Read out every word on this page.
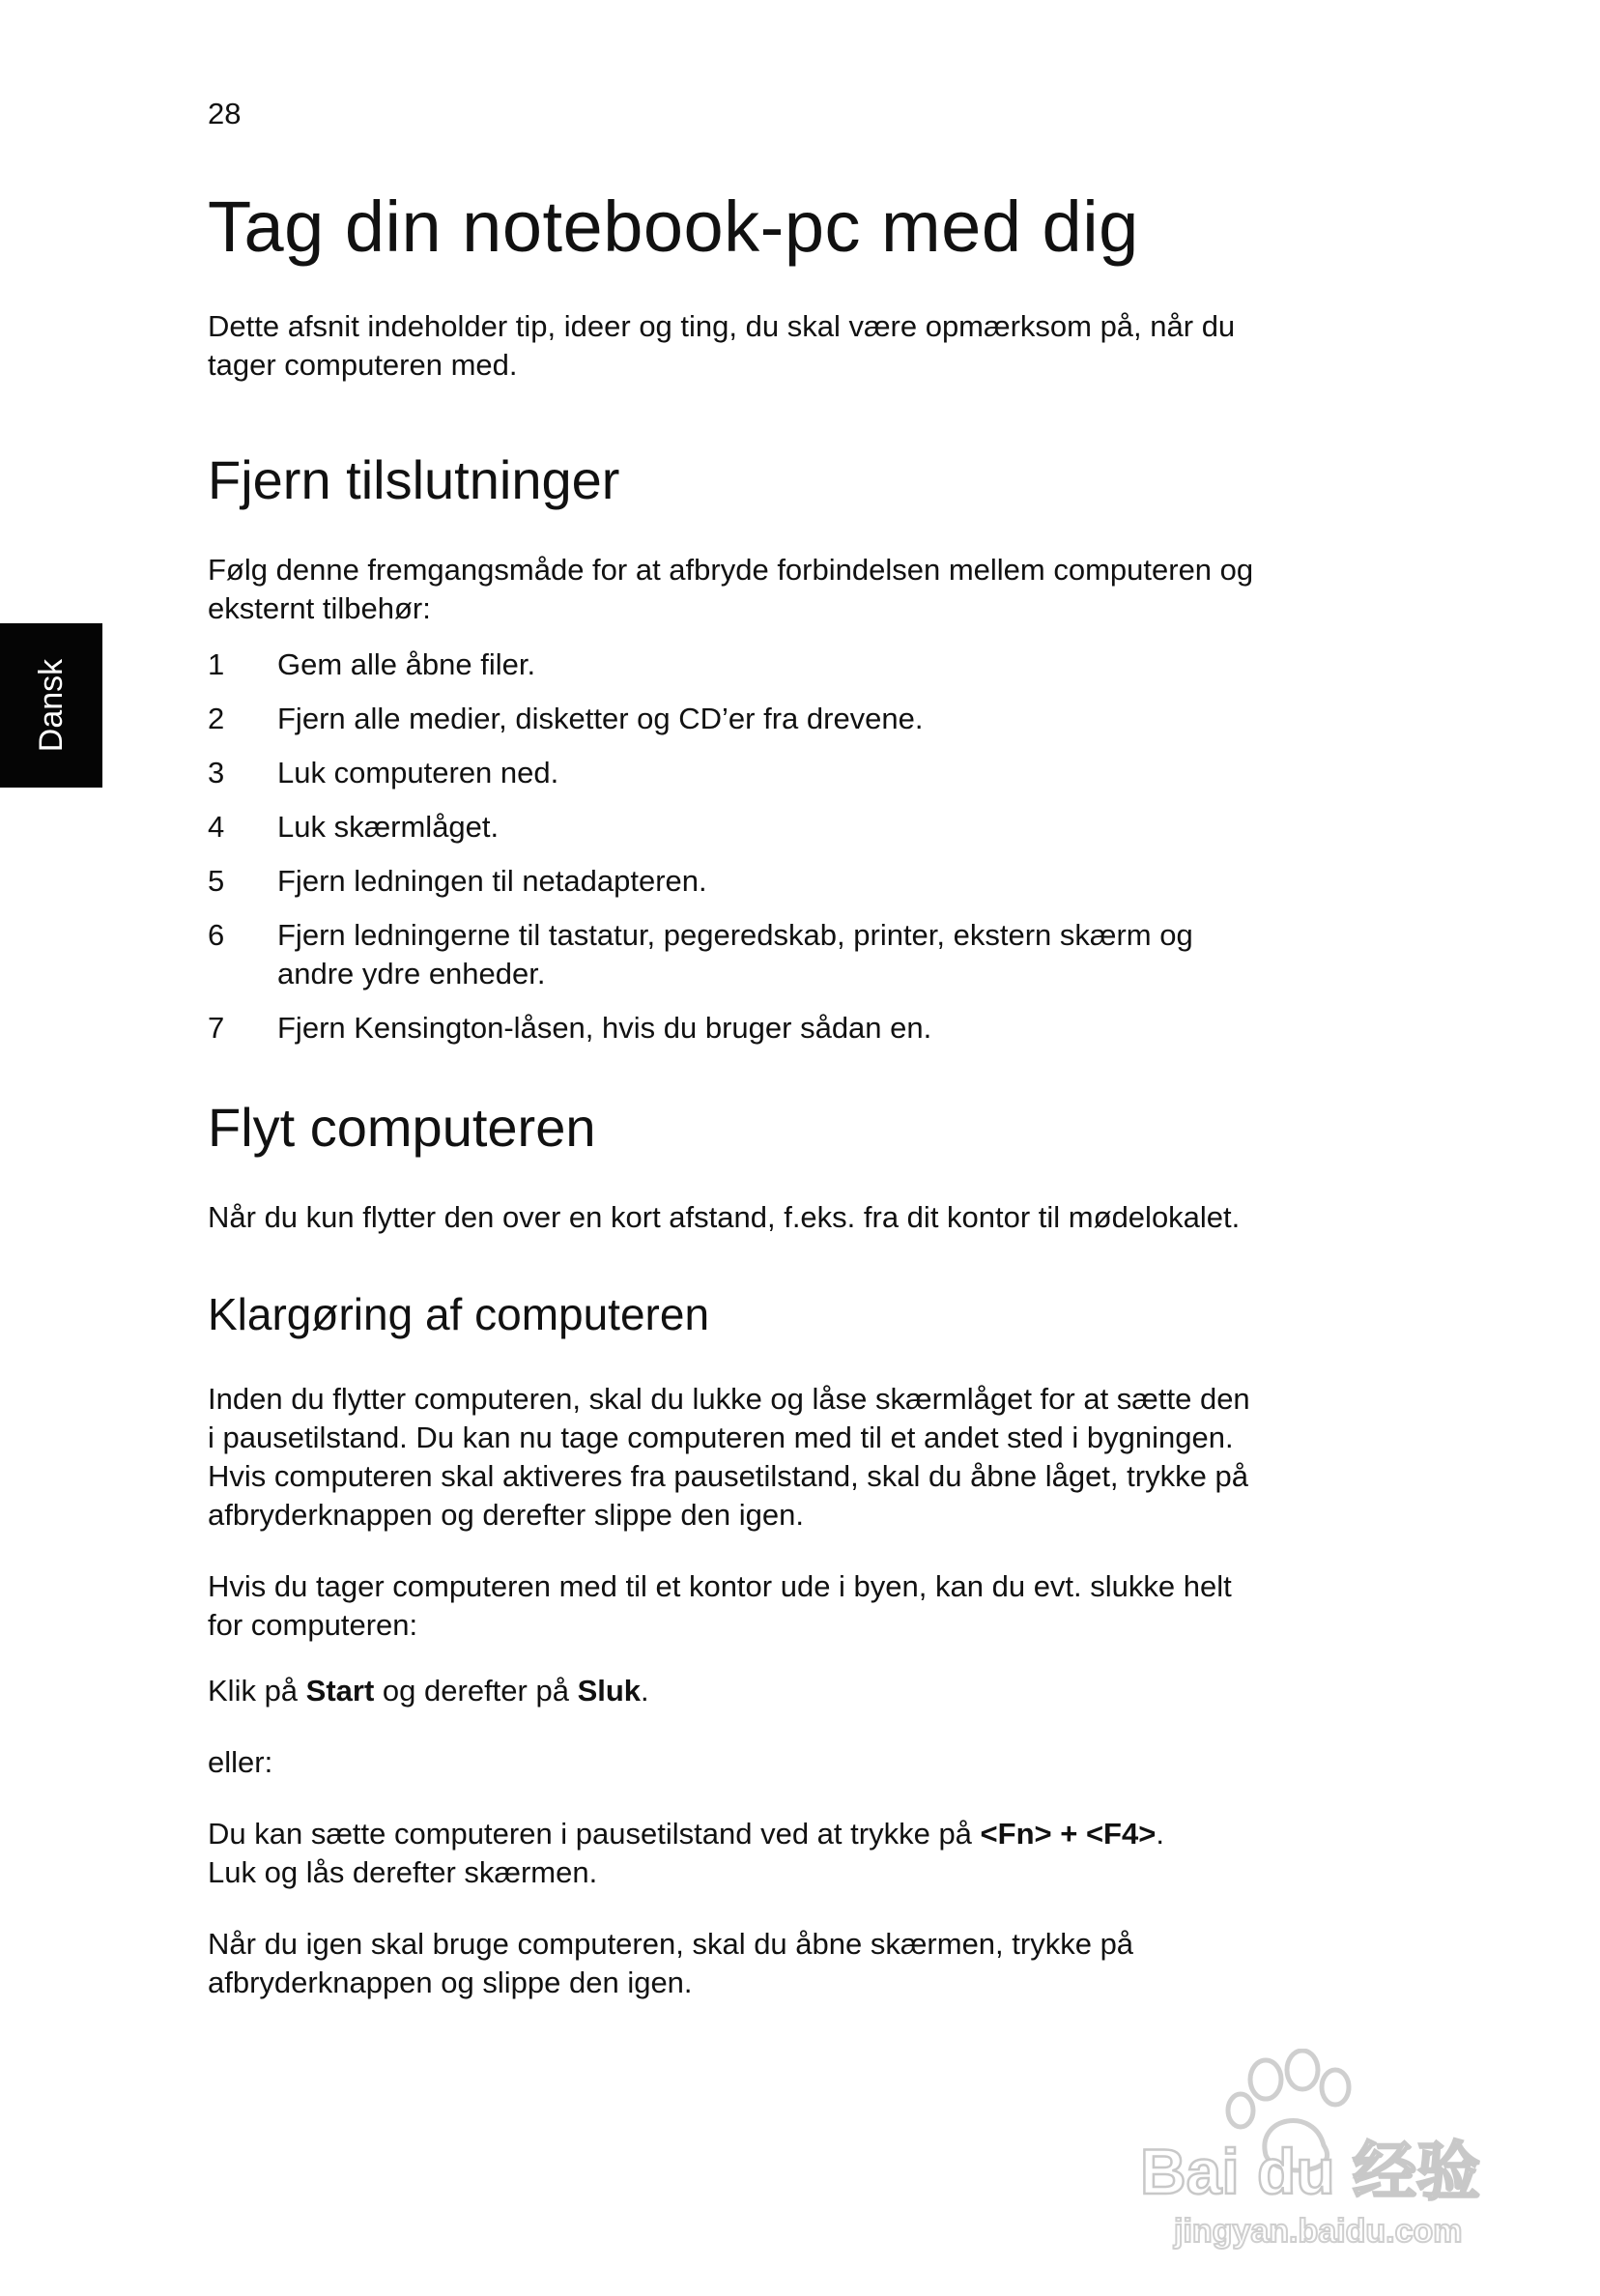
28
Dansk
Tag din notebook-pc med dig

Dette afsnit indeholder tip, ideer og ting, du skal være opmærksom på, når du
tager computeren med.

Fjern tilslutninger

Følg denne fremgangsmåde for at afbryde forbindelsen mellem computeren og
eksternt tilbehør:

1	Gem alle åbne filer.
2	Fjern alle medier, disketter og CD’er fra drevene.
3	Luk computeren ned.
4	Luk skærmlåget.
5	Fjern ledningen til netadapteren.
6	Fjern ledningerne til tastatur, pegeredskab, printer, ekstern skærm og
andre ydre enheder.
7	Fjern Kensington-låsen, hvis du bruger sådan en.
Flyt computeren

Når du kun flytter den over en kort afstand, f.eks. fra dit kontor til mødelokalet.

Klargøring af computeren

Inden du flytter computeren, skal du lukke og låse skærmlåget for at sætte den
i pausetilstand. Du kan nu tage computeren med til et andet sted i bygningen.
Hvis computeren skal aktiveres fra pausetilstand, skal du åbne låget, trykke på
afbryderknappen og derefter slippe den igen.

Hvis du tager computeren med til et kontor ude i byen, kan du evt. slukke helt
for computeren:

Klik på Start og derefter på Sluk.

eller:

Du kan sætte computeren i pausetilstand ved at trykke på <Fn> + <F4>.
Luk og lås derefter skærmen.

Når du igen skal bruge computeren, skal du åbne skærmen, trykke på
afbryderknappen og slippe den igen.

Bai du 经验
jingyan.baidu.com
